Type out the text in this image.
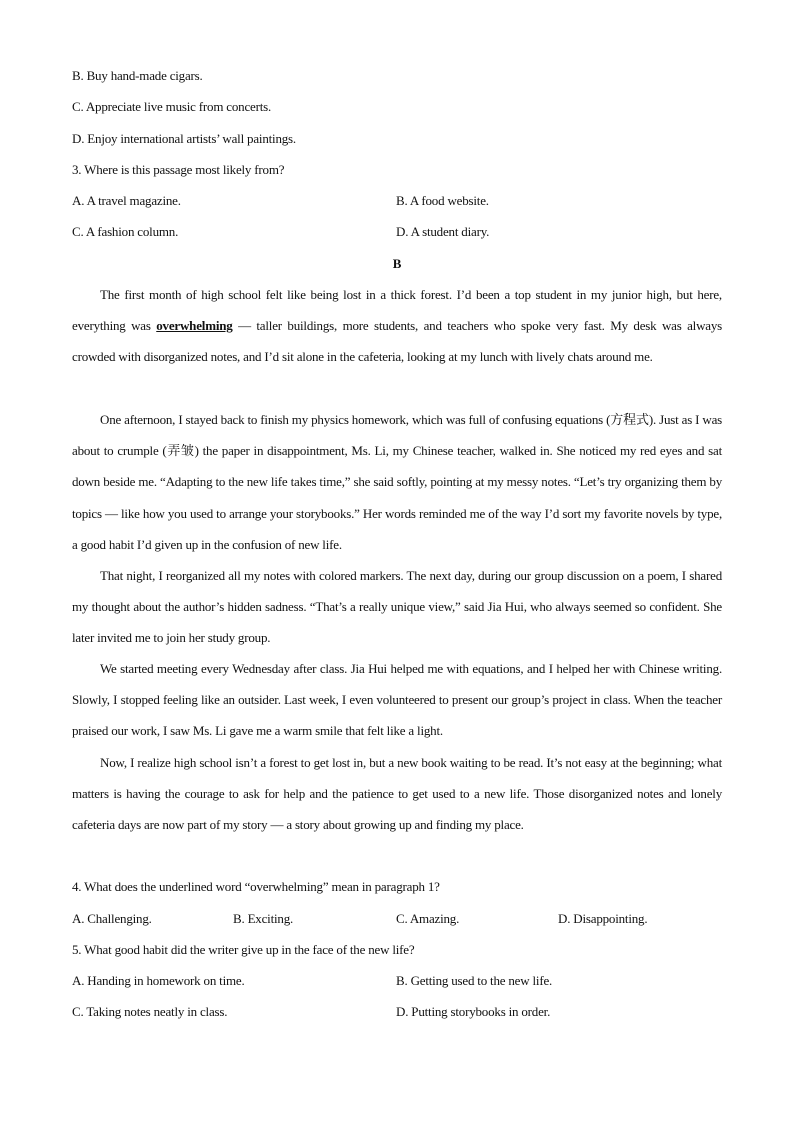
B. Buy hand-made cigars.
C. Appreciate live music from concerts.
D. Enjoy international artists’ wall paintings.
3. Where is this passage most likely from?
A. A travel magazine.	B. A food website.
C. A fashion column.	D. A student diary.
B
The first month of high school felt like being lost in a thick forest. I’d been a top student in my junior high, but here, everything was overwhelming — taller buildings, more students, and teachers who spoke very fast. My desk was always crowded with disorganized notes, and I’d sit alone in the cafeteria, looking at my lunch with lively chats around me.
One afternoon, I stayed back to finish my physics homework, which was full of confusing equations (方程式). Just as I was about to crumple (弄皱) the paper in disappointment, Ms. Li, my Chinese teacher, walked in. She noticed my red eyes and sat down beside me. “Adapting to the new life takes time,” she said softly, pointing at my messy notes. “Let’s try organizing them by topics — like how you used to arrange your storybooks.” Her words reminded me of the way I’d sort my favorite novels by type, a good habit I’d given up in the confusion of new life.
That night, I reorganized all my notes with colored markers. The next day, during our group discussion on a poem, I shared my thought about the author’s hidden sadness. “That’s a really unique view,” said Jia Hui, who always seemed so confident. She later invited me to join her study group.
We started meeting every Wednesday after class. Jia Hui helped me with equations, and I helped her with Chinese writing. Slowly, I stopped feeling like an outsider. Last week, I even volunteered to present our group’s project in class. When the teacher praised our work, I saw Ms. Li gave me a warm smile that felt like a light.
Now, I realize high school isn’t a forest to get lost in, but a new book waiting to be read. It’s not easy at the beginning; what matters is having the courage to ask for help and the patience to get used to a new life. Those disorganized notes and lonely cafeteria days are now part of my story — a story about growing up and finding my place.
4. What does the underlined word “overwhelming” mean in paragraph 1?
A. Challenging.	B. Exciting.	C. Amazing.	D. Disappointing.
5. What good habit did the writer give up in the face of the new life?
A. Handing in homework on time.	B. Getting used to the new life.
C. Taking notes neatly in class.	D. Putting storybooks in order.
